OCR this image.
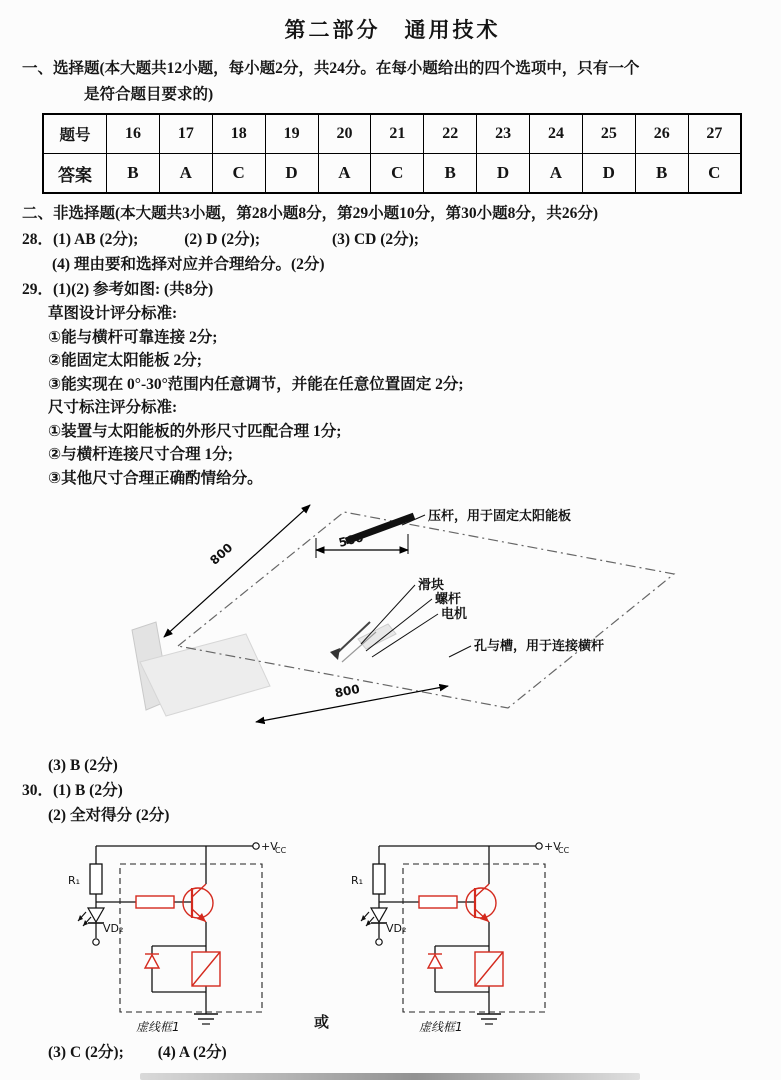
第二部分　通用技术
一、选择题(本大题共12小题，每小题2分，共24分。在每小题给出的四个选项中，只有一个
是符合题目要求的)
题号	16	17	18	19	20	21	22	23	24	25	26	27
答案	B	A	C	D	A	C	B	D	A	D	B	C
二、非选择题(本大题共3小题，第28小题8分，第29小题10分，第30小题8分，共26分)
28．(1) AB (2分);	(2) D (2分);	(3) CD (2分);
(4) 理由要和选择对应并合理给分。(2分)
29．(1)(2) 参考如图: (共8分)
草图设计评分标准:
①能与横杆可靠连接 2分;
②能固定太阳能板 2分;
③能实现在 0°-30°范围内任意调节，并能在任意位置固定 2分;
尺寸标注评分标准:
①装置与太阳能板的外形尺寸匹配合理 1分;
②与横杆连接尺寸合理 1分;
③其他尺寸合理正确酌情给分。
800
500
800
压杆，用于固定太阳能板
滑块
螺杆
电机
孔与槽，用于连接横杆
(3) B (2分)
30．(1) B (2分)
(2) 全对得分 (2分)
+V
CC
R₁
VD₂
虚线框1	或
+V
CC
R₁
VD₂
虚线框1
(3) C (2分); (4) A (2分)
